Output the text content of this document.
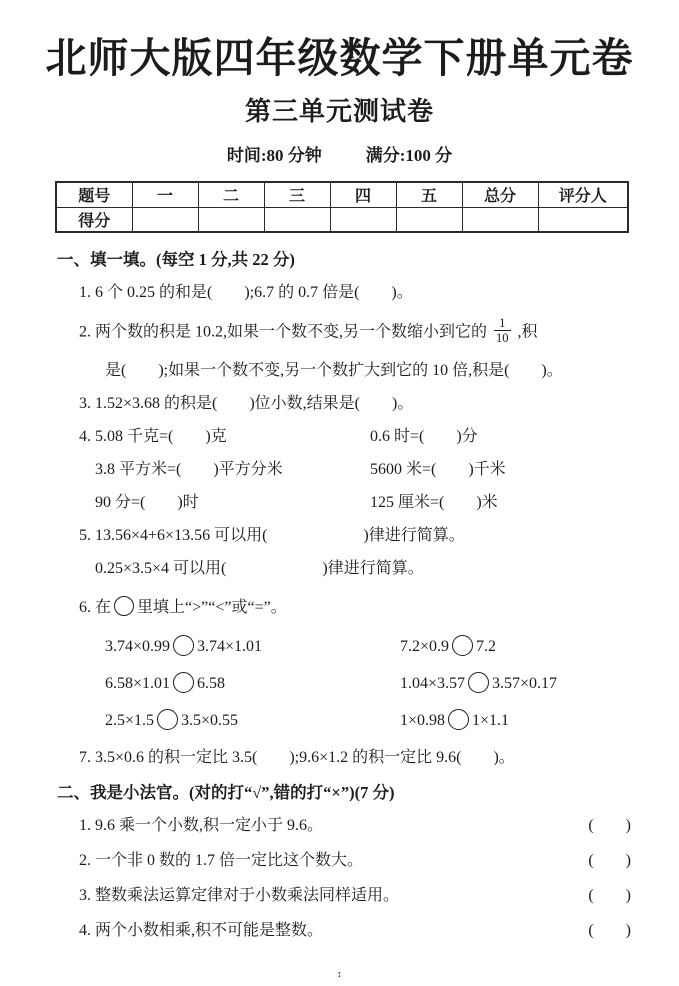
北师大版四年级数学下册单元卷
第三单元测试卷
时间:80 分钟	满分:100 分
题号	一	二	三	四	五	总分	评分人
得分							
一、填一填。(每空 1 分,共 22 分)
1. 6 个 0.25 的和是(　　);6.7 的 0.7 倍是(　　)。
2. 两个数的积是 10.2,如果一个数不变,另一个数缩小到它的 $\frac{1}{10}$ ,积
是(　　);如果一个数不变,另一个数扩大到它的 10 倍,积是(　　)。
3. 1.52×3.68 的积是(　　)位小数,结果是(　　)。
4. 5.08 千克=(　　)克	0.6 时=(　　)分
3.8 平方米=(　　)平方分米	5600 米=(　　)千米
90 分=(　　)时	125 厘米=(　　)米
5. 13.56×4+6×13.56 可以用(　　　　　　)律进行简算。
0.25×3.5×4 可以用(　　　　　　)律进行简算。
6. 在 里填上“>”“<”或“=”。
3.74×0.99 3.74×1.01	7.2×0.9 7.2
6.58×1.01 6.58	1.04×3.57 3.57×0.17
2.5×1.5 3.5×0.55	1×0.98 1×1.1
7. 3.5×0.6 的积一定比 3.5(　　);9.6×1.2 的积一定比 9.6(　　)。
二、我是小法官。(对的打“√”,错的打“×”)(7 分)
1. 9.6 乘一个小数,积一定小于 9.6。	(　　)
2. 一个非 0 数的 1.7 倍一定比这个数大。	(　　)
3. 整数乘法运算定律对于小数乘法同样适用。	(　　)
4. 两个小数相乘,积不可能是整数。	(　　)
:
